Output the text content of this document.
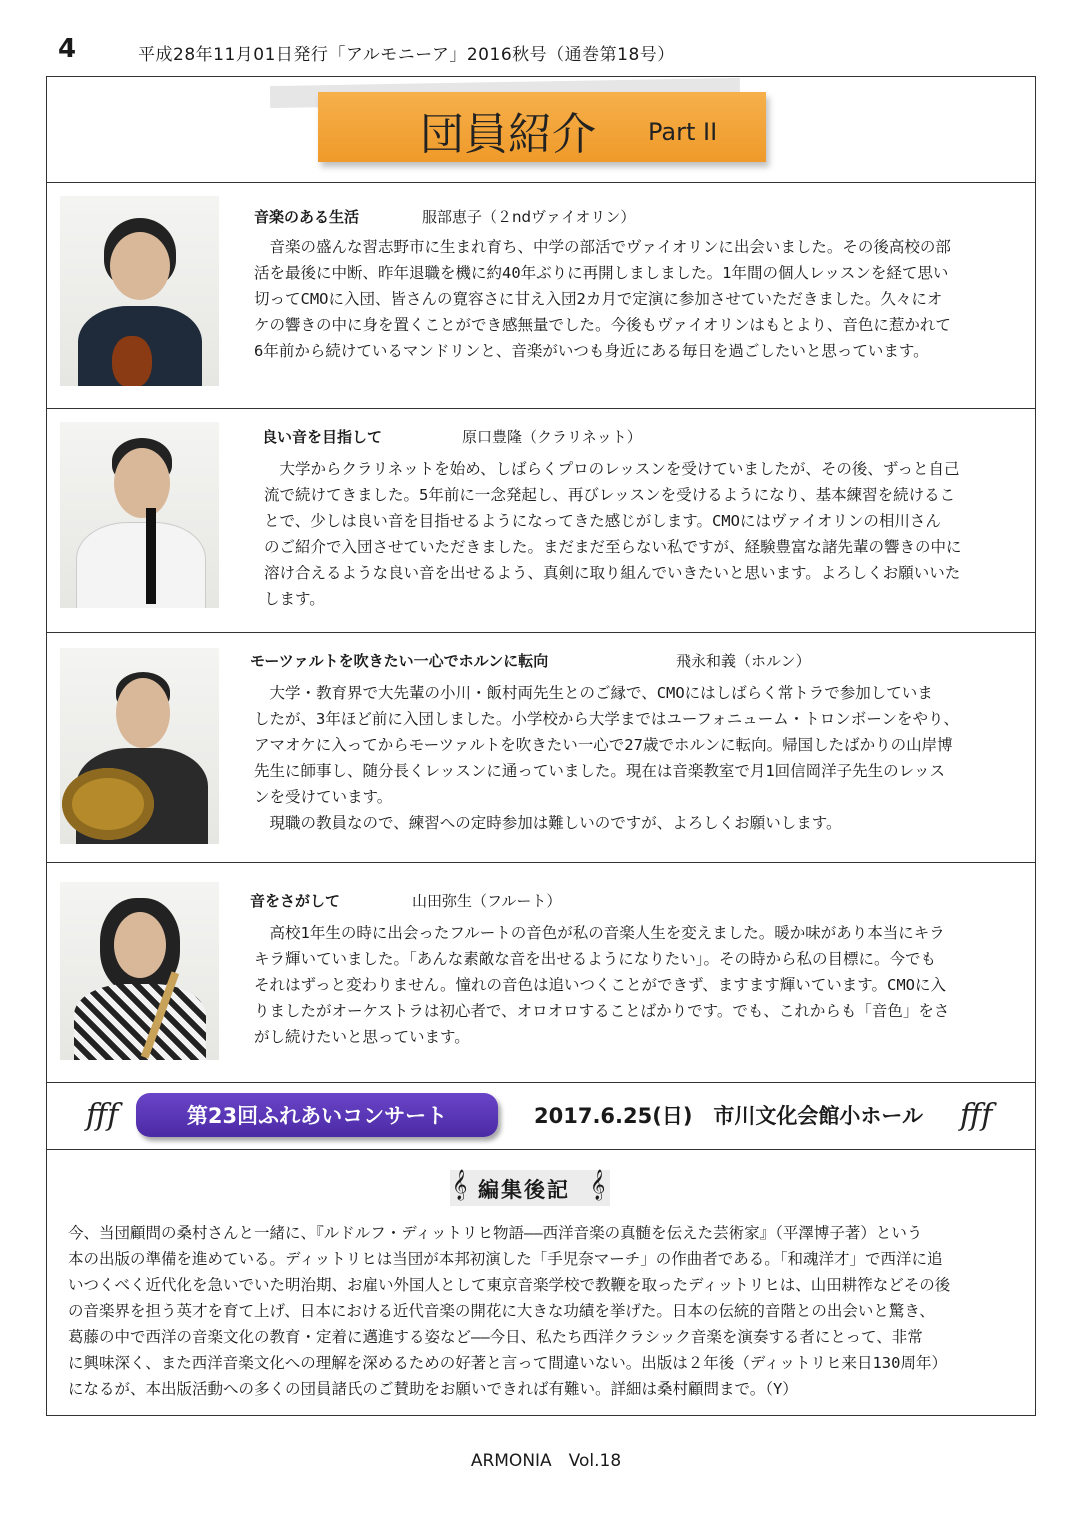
4	平成28年11月01日発行「アルモニーア」2016秋号（通巻第18号）
団員紹介 Part II
音楽のある生活	服部恵子（２ndヴァイオリン）
　音楽の盛んな習志野市に生まれ育ち、中学の部活でヴァイオリンに出会いました。その後高校の部
活を最後に中断、昨年退職を機に約40年ぶりに再開しましました。1年間の個人レッスンを経て思い
切ってCMOに入団、皆さんの寛容さに甘え入団2カ月で定演に参加させていただきました。久々にオ
ケの響きの中に身を置くことができ感無量でした。今後もヴァイオリンはもとより、音色に惹かれて
6年前から続けているマンドリンと、音楽がいつも身近にある毎日を過ごしたいと思っています。
良い音を目指して	原口豊隆（クラリネット）
　大学からクラリネットを始め、しばらくプロのレッスンを受けていましたが、その後、ずっと自己
流で続けてきました。5年前に一念発起し、再びレッスンを受けるようになり、基本練習を続けるこ
とで、少しは良い音を目指せるようになってきた感じがします。CMOにはヴァイオリンの相川さん
のご紹介で入団させていただきました。まだまだ至らない私ですが、経験豊富な諸先輩の響きの中に
溶け合えるような良い音を出せるよう、真剣に取り組んでいきたいと思います。よろしくお願いいた
します。
モーツァルトを吹きたい一心でホルンに転向	飛永和義（ホルン）
　大学・教育界で大先輩の小川・飯村両先生とのご縁で、CMOにはしばらく常トラで参加していま
したが、3年ほど前に入団しました。小学校から大学まではユーフォニューム・トロンボーンをやり、
アマオケに入ってからモーツァルトを吹きたい一心で27歳でホルンに転向。帰国したばかりの山岸博
先生に師事し、随分長くレッスンに通っていました。現在は音楽教室で月1回信岡洋子先生のレッス
ンを受けています。
　現職の教員なので、練習への定時参加は難しいのですが、よろしくお願いします。
音をさがして	山田弥生（フルート）
　高校1年生の時に出会ったフルートの音色が私の音楽人生を変えました。暖か味があり本当にキラ
キラ輝いていました。「あんな素敵な音を出せるようになりたい」。その時から私の目標に。今でも
それはずっと変わりません。憧れの音色は追いつくことができず、ますます輝いています。CMOに入
りましたがオーケストラは初心者で、オロオロすることばかりです。でも、これからも「音色」をさ
がし続けたいと思っています。
fff	第23回ふれあいコンサート	2017.6.25(日)　市川文化会館小ホール fff
𝄞 編集後記 𝄞
今、当団顧問の桑村さんと一緒に、『ルドルフ・ディットリヒ物語――西洋音楽の真髄を伝えた芸術家』（平澤博子著）という
本の出版の準備を進めている。ディットリヒは当団が本邦初演した「手児奈マーチ」の作曲者である。「和魂洋才」で西洋に追
いつくべく近代化を急いでいた明治期、お雇い外国人として東京音楽学校で教鞭を取ったディットリヒは、山田耕筰などその後
の音楽界を担う英才を育て上げ、日本における近代音楽の開花に大きな功績を挙げた。日本の伝統的音階との出会いと驚き、
葛藤の中で西洋の音楽文化の教育・定着に邁進する姿など――今日、私たち西洋クラシック音楽を演奏する者にとって、非常
に興味深く、また西洋音楽文化への理解を深めるための好著と言って間違いない。出版は２年後（ディットリヒ来日130周年）
になるが、本出版活動への多くの団員諸氏のご賛助をお願いできれば有難い。詳細は桑村顧問まで。（Y）
ARMONIA　Vol.18
